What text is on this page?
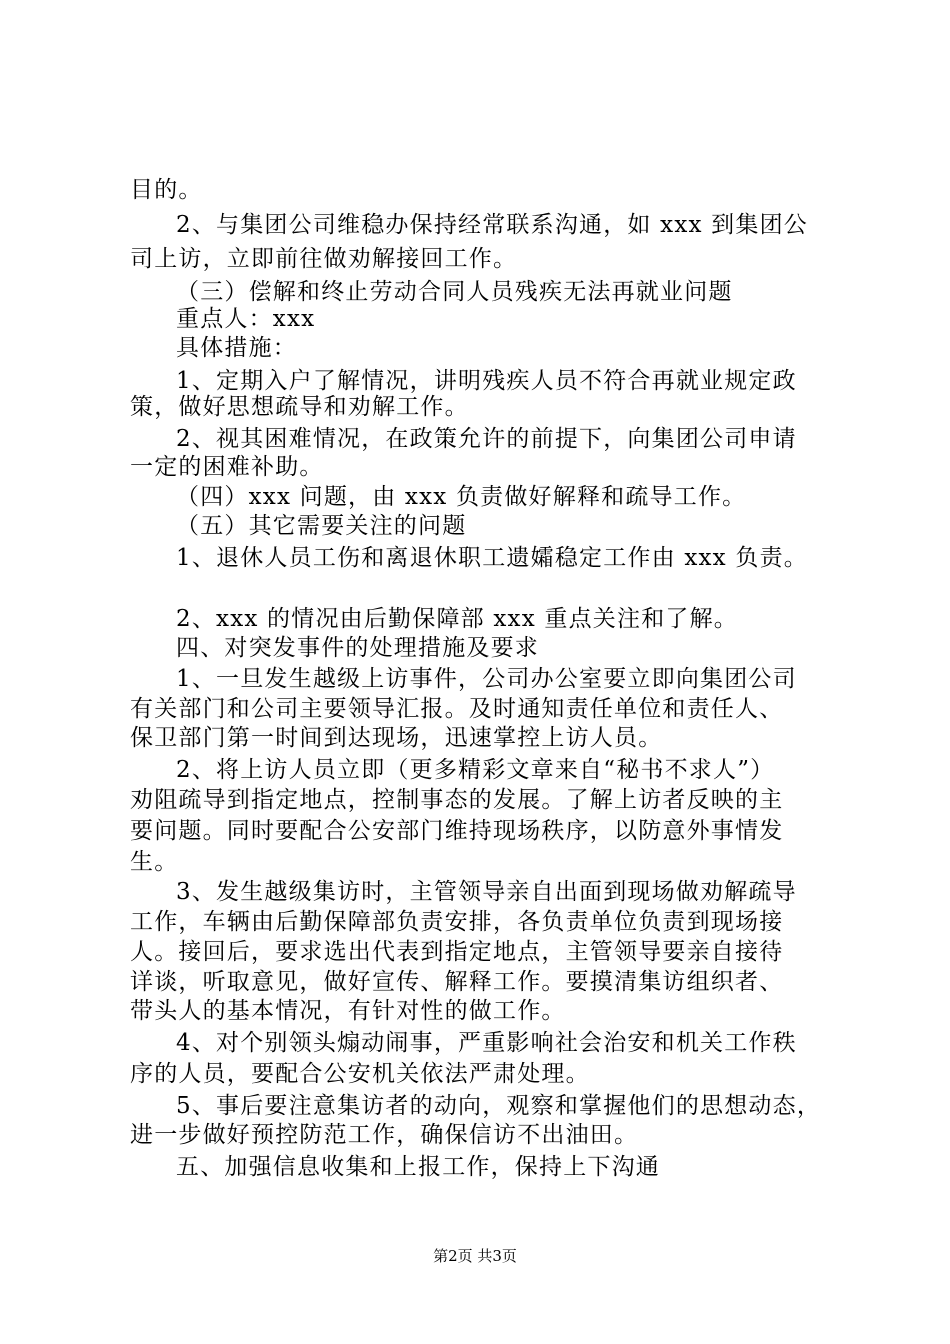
目的。
2、与集团公司维稳办保持经常联系沟通，如 xxx 到集团公
司上访，立即前往做劝解接回工作。
（三）偿解和终止劳动合同人员残疾无法再就业问题
重点人：xxx
具体措施：
1、定期入户了解情况，讲明残疾人员不符合再就业规定政
策，做好思想疏导和劝解工作。
2、视其困难情况，在政策允许的前提下，向集团公司申请
一定的困难补助。
（四）xxx 问题，由 xxx 负责做好解释和疏导工作。
（五）其它需要关注的问题
1、退休人员工伤和离退休职工遗孀稳定工作由 xxx 负责。
2、xxx 的情况由后勤保障部 xxx 重点关注和了解。
四、对突发事件的处理措施及要求
1、一旦发生越级上访事件，公司办公室要立即向集团公司
有关部门和公司主要领导汇报。及时通知责任单位和责任人、
保卫部门第一时间到达现场，迅速掌控上访人员。
2、将上访人员立即（更多精彩文章来自“秘书不求人”）
劝阻疏导到指定地点，控制事态的发展。了解上访者反映的主
要问题。同时要配合公安部门维持现场秩序，以防意外事情发
生。
3、发生越级集访时，主管领导亲自出面到现场做劝解疏导
工作，车辆由后勤保障部负责安排，各负责单位负责到现场接
人。接回后，要求选出代表到指定地点，主管领导要亲自接待
详谈，听取意见，做好宣传、解释工作。要摸清集访组织者、
带头人的基本情况，有针对性的做工作。
4、对个别领头煽动闹事，严重影响社会治安和机关工作秩
序的人员，要配合公安机关依法严肃处理。
5、事后要注意集访者的动向，观察和掌握他们的思想动态，
进一步做好预控防范工作，确保信访不出油田。
五、加强信息收集和上报工作，保持上下沟通
第2页 共3页
